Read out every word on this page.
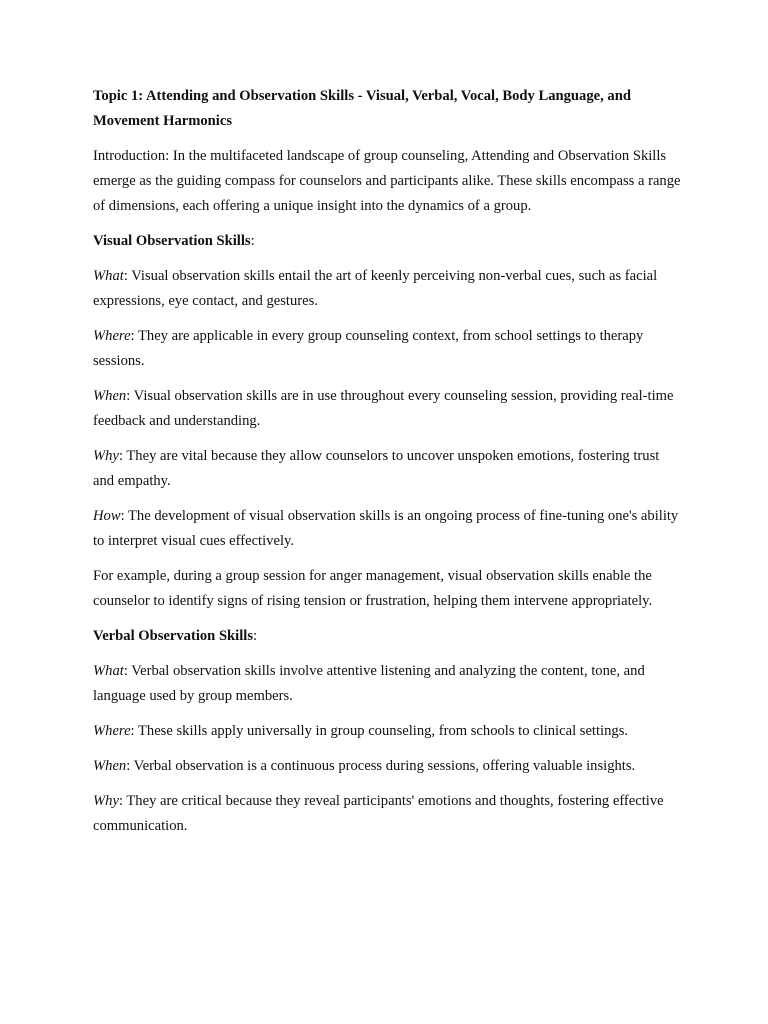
Topic 1: Attending and Observation Skills - Visual, Verbal, Vocal, Body Language, and Movement Harmonics

Introduction: In the multifaceted landscape of group counseling, Attending and Observation Skills emerge as the guiding compass for counselors and participants alike. These skills encompass a range of dimensions, each offering a unique insight into the dynamics of a group.

Visual Observation Skills:

What: Visual observation skills entail the art of keenly perceiving non-verbal cues, such as facial expressions, eye contact, and gestures.

Where: They are applicable in every group counseling context, from school settings to therapy sessions.

When: Visual observation skills are in use throughout every counseling session, providing real-time feedback and understanding.

Why: They are vital because they allow counselors to uncover unspoken emotions, fostering trust and empathy.

How: The development of visual observation skills is an ongoing process of fine-tuning one's ability to interpret visual cues effectively.

For example, during a group session for anger management, visual observation skills enable the counselor to identify signs of rising tension or frustration, helping them intervene appropriately.

Verbal Observation Skills:

What: Verbal observation skills involve attentive listening and analyzing the content, tone, and language used by group members.

Where: These skills apply universally in group counseling, from schools to clinical settings.

When: Verbal observation is a continuous process during sessions, offering valuable insights.

Why: They are critical because they reveal participants' emotions and thoughts, fostering effective communication.
